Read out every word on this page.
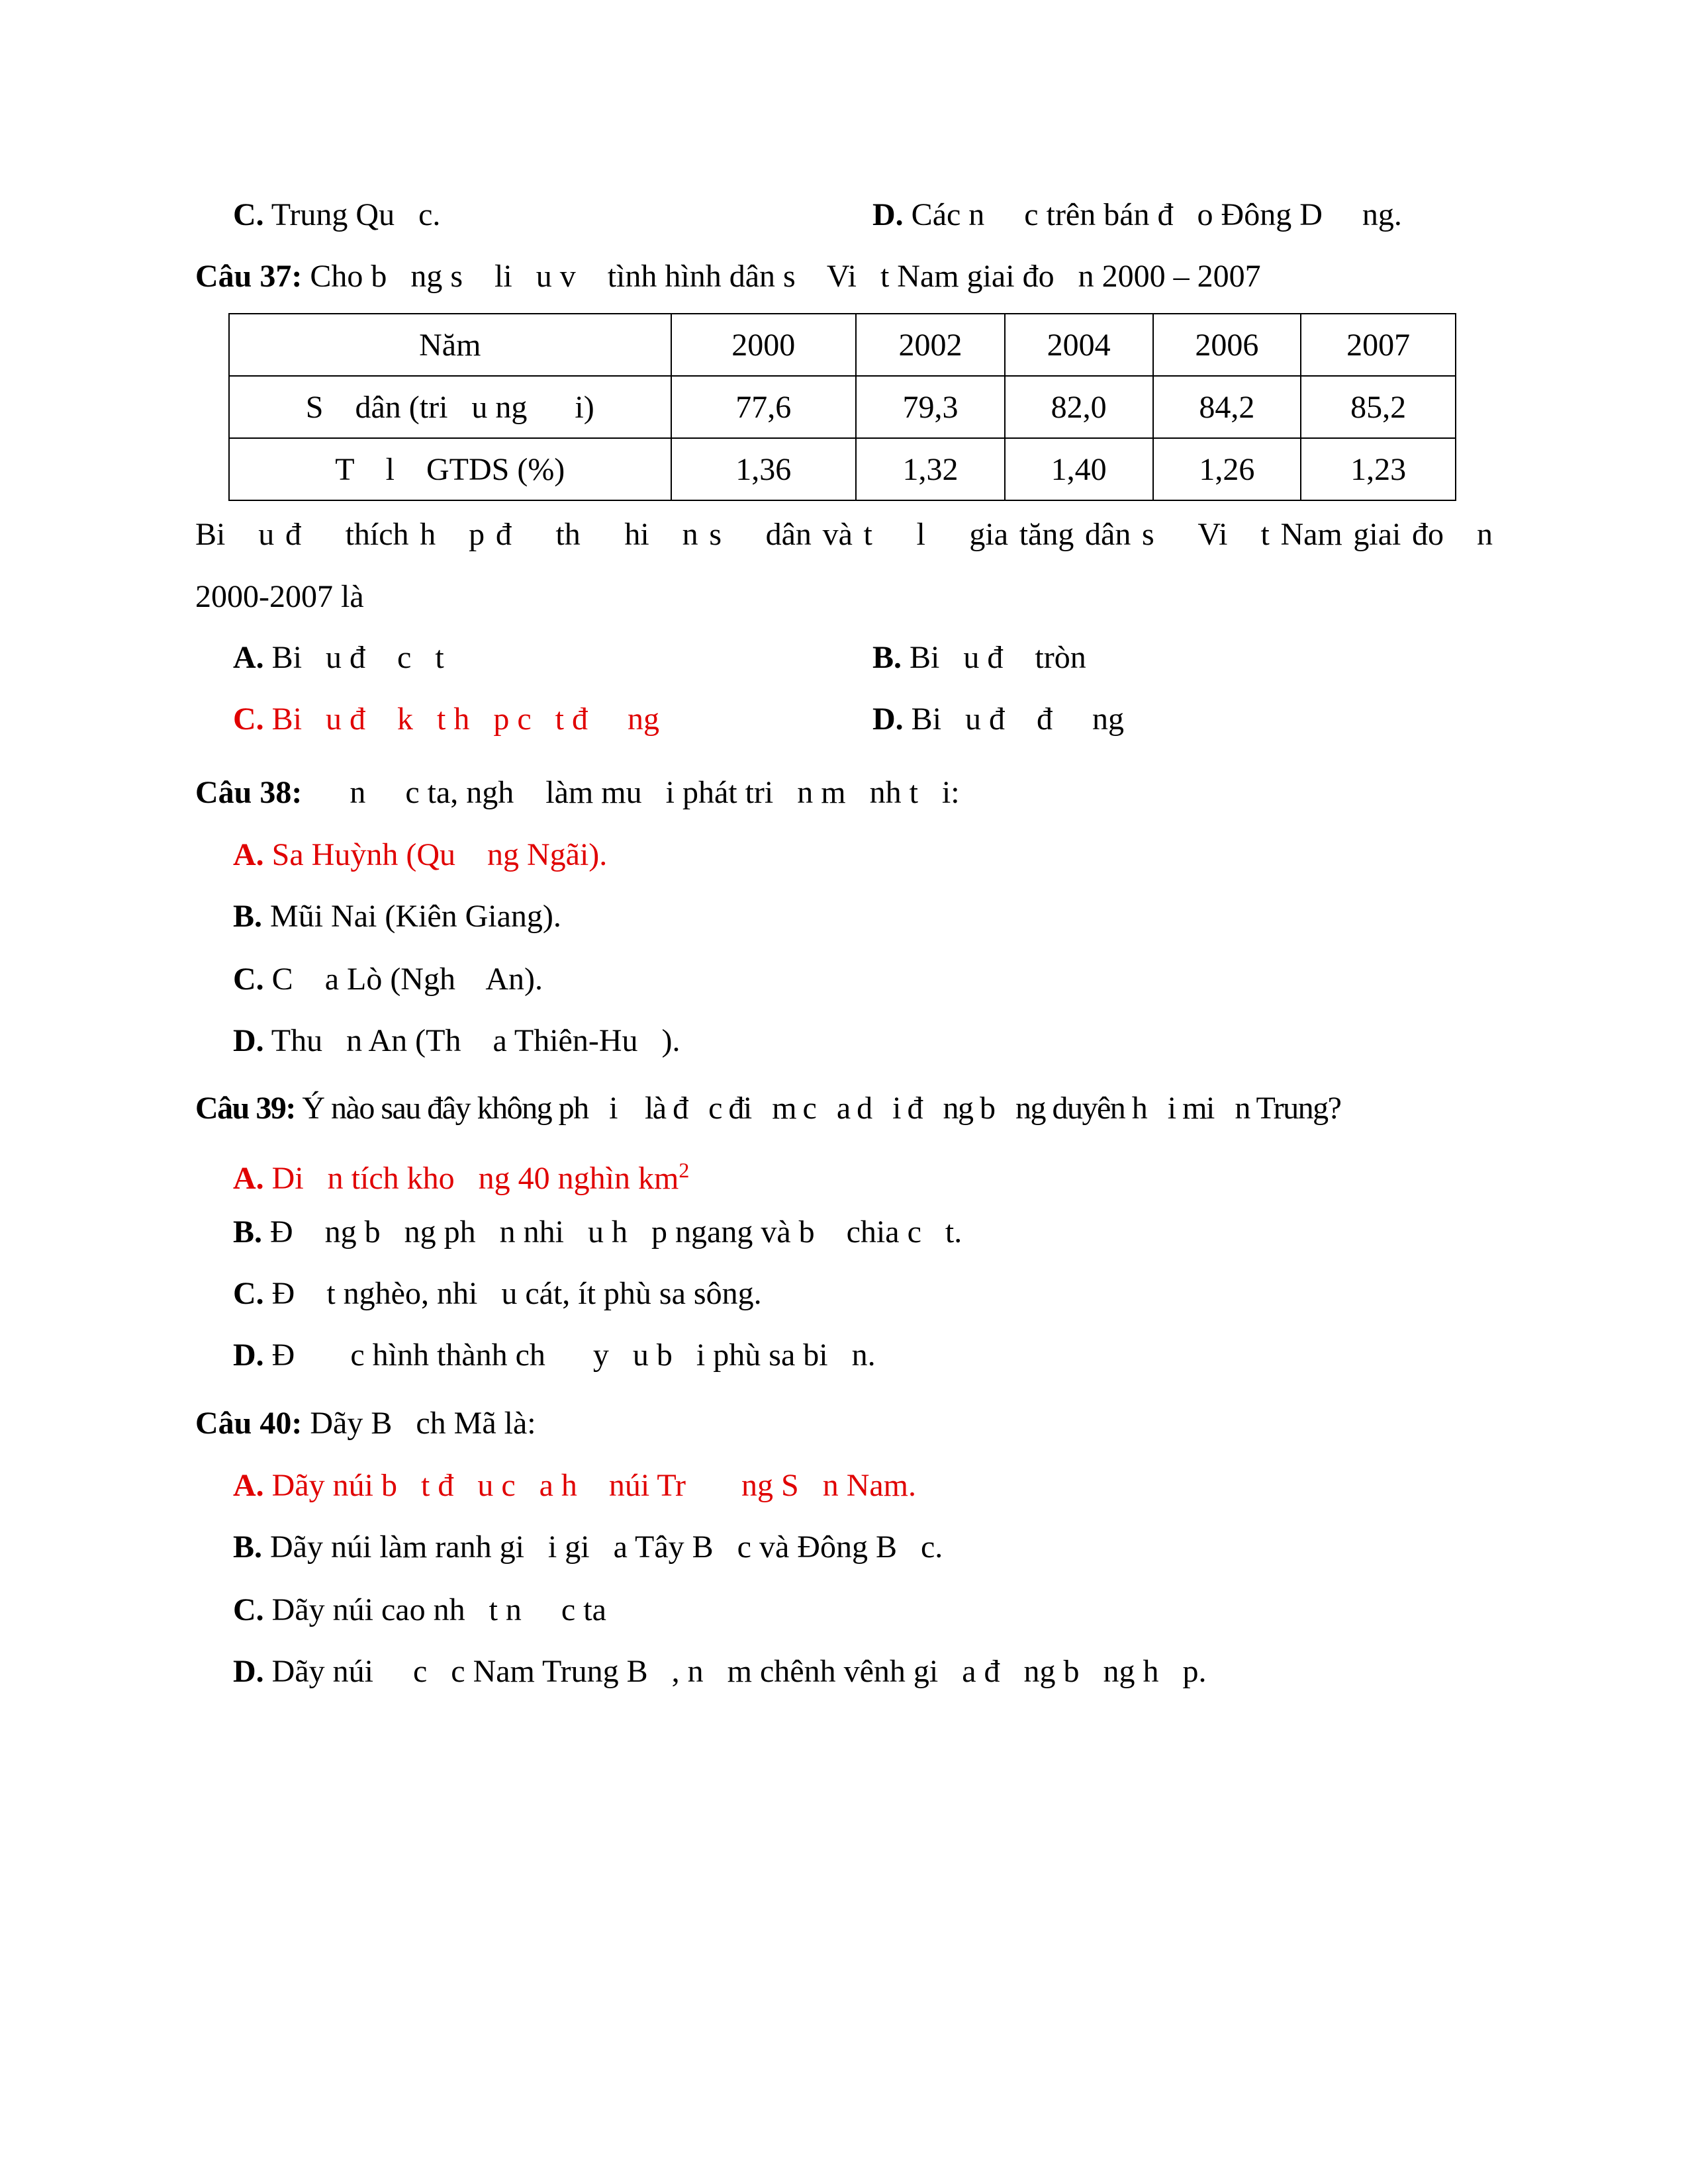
C. Trung Qu   c.	D. Các n     c trên bán đ   o Đông D     ng.
Câu 37: Cho b   ng s    li   u v    tình hình dân s    Vi   t Nam giai đo   n 2000 – 2007
Năm	2000	2002	2004	2006	2007
S    dân (tri   u ng      i)	77,6	79,3	82,0	84,2	85,2
T    l    GTDS (%)	1,36	1,32	1,40	1,26	1,23
Bi   u đ    thích h   p đ    th    hi   n s    dân và t    l    gia tăng dân s    Vi   t Nam giai đo   n
2000-2007 là
A. Bi   u đ    c   t	B. Bi   u đ    tròn
C. Bi   u đ    k   t h   p c   t đ     ng	D. Bi   u đ    đ     ng
Câu 38:      n     c ta, ngh    làm mu   i phát tri   n m   nh t   i:
A. Sa Huỳnh (Qu    ng Ngãi).
B. Mũi Nai (Kiên Giang).
C. C    a Lò (Ngh    An).
D. Thu   n An (Th    a Thiên-Hu   ).
Câu 39: Ý nào sau đây không ph   i    là đ   c đi   m c   a d   i đ   ng b   ng duyên h   i mi   n Trung?
A. Di   n tích kho   ng 40 nghìn $km^2$
B. Đ    ng b   ng ph   n nhi   u h   p ngang và b    chia c   t.
C. Đ    t nghèo, nhi   u cát, ít phù sa sông.
D. Đ       c hình thành ch      y   u b   i phù sa bi   n.
Câu 40: Dãy B   ch Mã là:
A. Dãy núi b   t đ   u c   a h    núi Tr       ng S   n Nam.
B. Dãy núi làm ranh gi   i gi   a Tây B   c và Đông B   c.
C. Dãy núi cao nh   t n     c ta
D. Dãy núi     c   c Nam Trung B   , n   m chênh vênh gi   a đ   ng b   ng h   p.
